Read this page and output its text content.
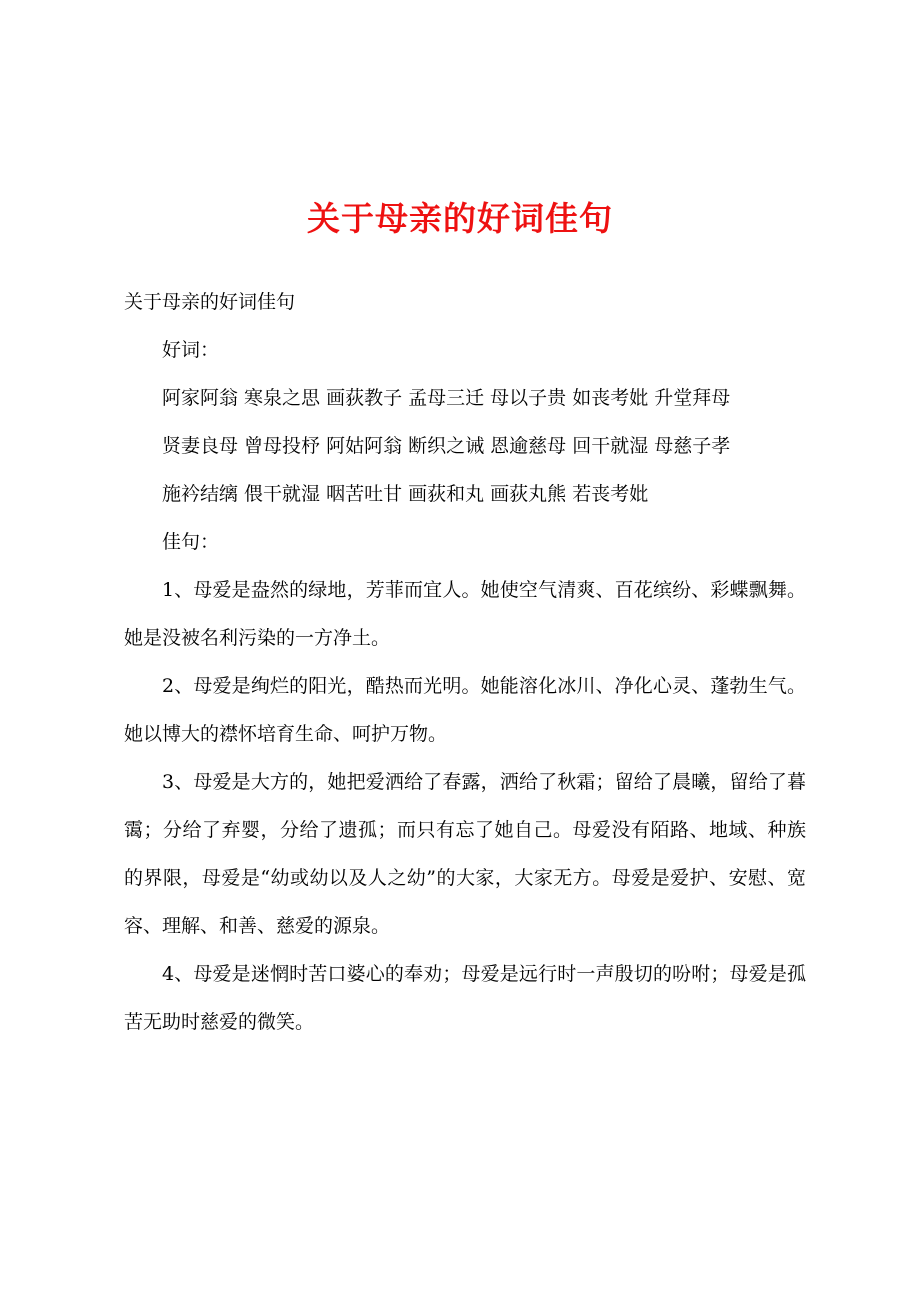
关于母亲的好词佳句

关于母亲的好词佳句

好词：

阿家阿翁 寒泉之思 画荻教子 孟母三迁 母以子贵 如丧考妣 升堂拜母

贤妻良母 曾母投杼 阿姑阿翁 断织之诫 恩逾慈母 回干就湿 母慈子孝

施衿结缡 偎干就湿 咽苦吐甘 画荻和丸 画荻丸熊 若丧考妣

佳句：

1、母爱是盎然的绿地，芳菲而宜人。她使空气清爽、百花缤纷、彩蝶飘舞。她是没被名利污染的一方净土。

2、母爱是绚烂的阳光，酷热而光明。她能溶化冰川、净化心灵、蓬勃生气。她以博大的襟怀培育生命、呵护万物。

3、母爱是大方的，她把爱洒给了春露，洒给了秋霜；留给了晨曦，留给了暮霭；分给了弃婴，分给了遗孤；而只有忘了她自己。母爱没有陌路、地域、种族的界限，母爱是“幼或幼以及人之幼”的大家，大家无方。母爱是爱护、安慰、宽容、理解、和善、慈爱的源泉。

4、母爱是迷惘时苦口婆心的奉劝；母爱是远行时一声殷切的吩咐；母爱是孤苦无助时慈爱的微笑。
